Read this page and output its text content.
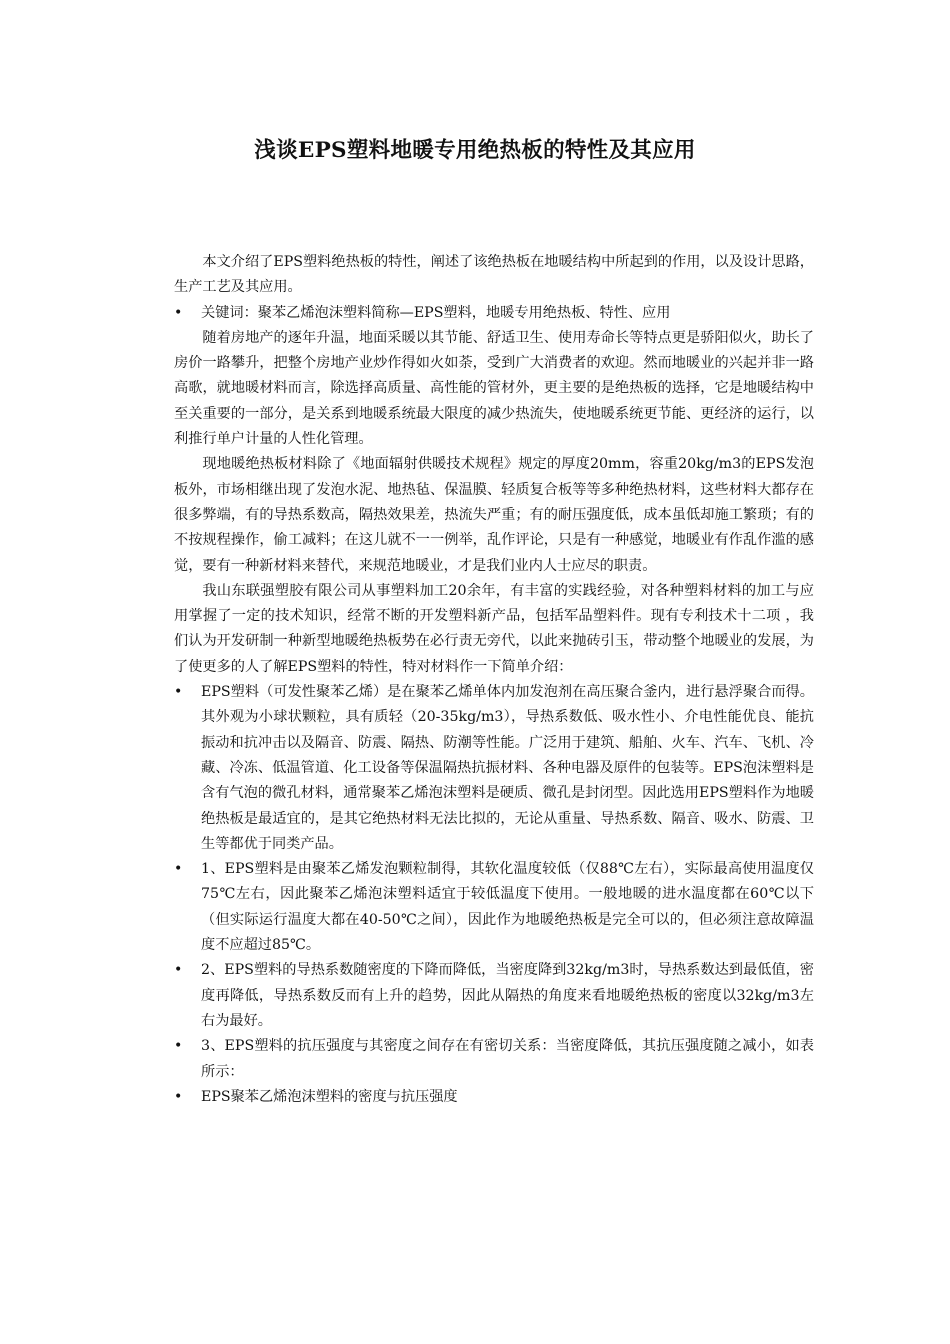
浅谈EPS塑料地暖专用绝热板的特性及其应用

本文介绍了EPS塑料绝热板的特性，阐述了该绝热板在地暖结构中所起到的作用，以及设计思路，生产工艺及其应用。

• 关键词：聚苯乙烯泡沫塑料简称—EPS塑料，地暖专用绝热板、特性、应用

随着房地产的逐年升温，地面采暖以其节能、舒适卫生、使用寿命长等特点更是骄阳似火，助长了房价一路攀升，把整个房地产业炒作得如火如荼，受到广大消费者的欢迎。然而地暖业的兴起并非一路高歌，就地暖材料而言，除选择高质量、高性能的管材外，更主要的是绝热板的选择，它是地暖结构中至关重要的一部分，是关系到地暖系统最大限度的减少热流失，使地暖系统更节能、更经济的运行，以利推行单户计量的人性化管理。

现地暖绝热板材料除了《地面辐射供暖技术规程》规定的厚度20mm，容重20kg/m3的EPS发泡板外，市场相继出现了发泡水泥、地热毡、保温膜、轻质复合板等等多种绝热材料，这些材料大都存在很多弊端，有的导热系数高，隔热效果差，热流失严重；有的耐压强度低，成本虽低却施工繁琐；有的不按规程操作，偷工减料；在这儿就不一一例举，乱作评论，只是有一种感觉，地暖业有作乱作滥的感觉，要有一种新材料来替代，来规范地暖业，才是我们业内人士应尽的职责。

我山东联强塑胶有限公司从事塑料加工20余年，有丰富的实践经验，对各种塑料材料的加工与应用掌握了一定的技术知识，经常不断的开发塑料新产品，包括军品塑料件。现有专利技术十二项 ，我们认为开发研制一种新型地暖绝热板势在必行责无旁代，以此来抛砖引玉，带动整个地暖业的发展，为了使更多的人了解EPS塑料的特性，特对材料作一下简单介绍：

• EPS塑料（可发性聚苯乙烯）是在聚苯乙烯单体内加发泡剂在高压聚合釜内，进行悬浮聚合而得。其外观为小球状颗粒，具有质轻（20-35kg/m3），导热系数低、吸水性小、介电性能优良、能抗振动和抗冲击以及隔音、防震、隔热、防潮等性能。广泛用于建筑、船舶、火车、汽车、飞机、冷藏、冷冻、低温管道、化工设备等保温隔热抗振材料、各种电器及原件的包装等。EPS泡沫塑料是含有气泡的微孔材料，通常聚苯乙烯泡沫塑料是硬质、微孔是封闭型。因此选用EPS塑料作为地暖绝热板是最适宜的，是其它绝热材料无法比拟的，无论从重量、导热系数、隔音、吸水、防震、卫生等都优于同类产品。

• 1、EPS塑料是由聚苯乙烯发泡颗粒制得，其软化温度较低（仅88℃左右），实际最高使用温度仅75℃左右，因此聚苯乙烯泡沫塑料适宜于较低温度下使用。一般地暖的进水温度都在60℃以下（但实际运行温度大都在40-50℃之间），因此作为地暖绝热板是完全可以的，但必须注意故障温度不应超过85℃。

• 2、EPS塑料的导热系数随密度的下降而降低，当密度降到32kg/m3时，导热系数达到最低值，密度再降低，导热系数反而有上升的趋势，因此从隔热的角度来看地暖绝热板的密度以32kg/m3左右为最好。

• 3、EPS塑料的抗压强度与其密度之间存在有密切关系：当密度降低，其抗压强度随之减小，如表所示：

• EPS聚苯乙烯泡沫塑料的密度与抗压强度
